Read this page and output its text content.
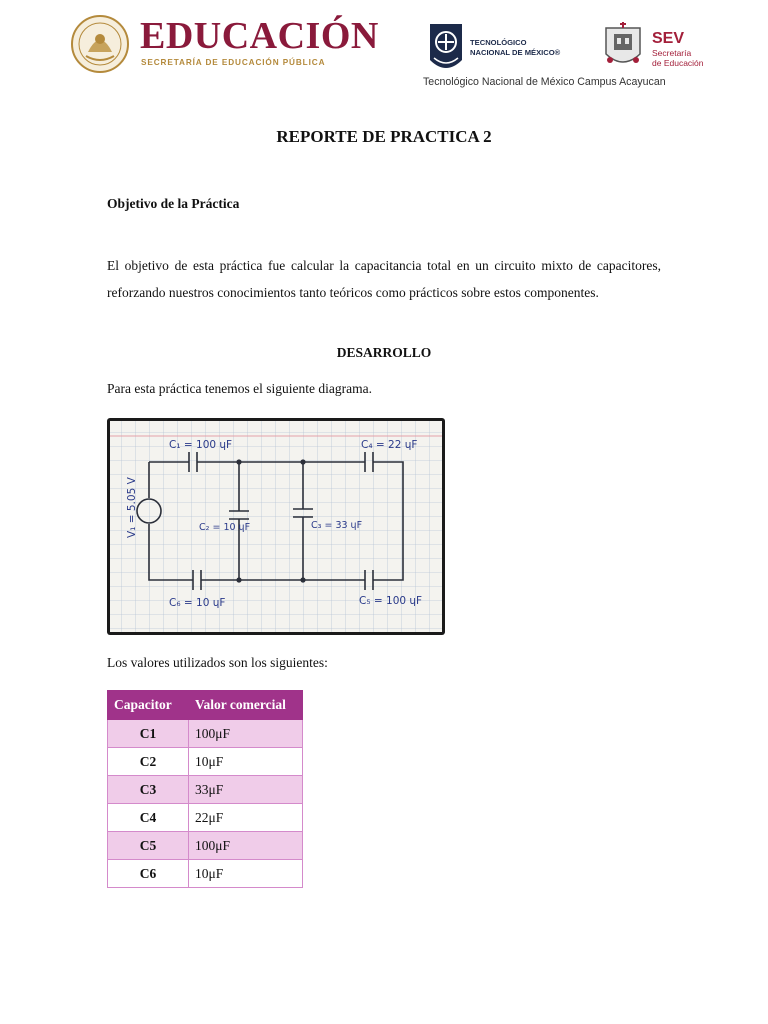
EDUCACIÓN
SECRETARÍA DE EDUCACIÓN PÚBLICA
TECNOLÓGICO
NACIONAL DE MÉXICO®
SEV
Secretaría
de Educación
Tecnológico Nacional de México Campus Acayucan
REPORTE DE PRACTICA 2
Objetivo de la Práctica
El objetivo de esta práctica fue calcular la capacitancia total en un circuito mixto de capacitores, reforzando nuestros conocimientos tanto teóricos como prácticos sobre estos componentes.
DESARROLLO
Para esta práctica tenemos el siguiente diagrama.
C₁ = 100 ɥF	C₄ = 22 ɥF
C₂ = 10 ɥF	C₃ = 33 ɥF
C₆ = 10 ɥF	C₅ = 100 ɥF
V₁ = 5.05 V
Los valores utilizados son los siguientes:
Capacitor	Valor comercial
C1	100μF
C2	10μF
C3	33μF
C4	22μF
C5	100μF
C6	10μF
